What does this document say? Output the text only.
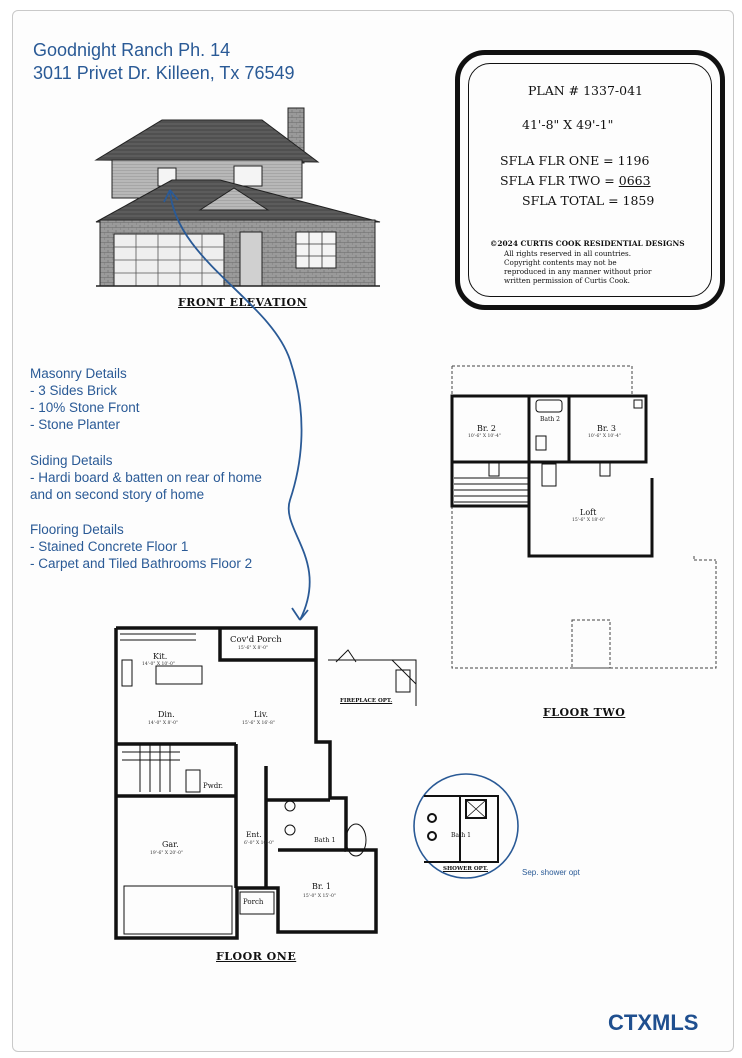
Goodnight Ranch Ph. 14
3011 Privet Dr. Killeen, Tx 76549
PLAN # 1337-041
41'-8" X 49'-1"
SFLA FLR ONE = 1196
SFLA FLR TWO = 0663
SFLA TOTAL = 1859
©2024 CURTIS COOK RESIDENTIAL DESIGNS
All rights reserved in all countries.
Copyright contents may not be
reproduced in any manner without prior
written permission of Curtis Cook.
FRONT ELEVATION
Masonry Details
- 3 Sides Brick
- 10% Stone Front
- Stone Planter
Siding Details
- Hardi board & batten on rear of home
and on second story of home
Flooring Details
- Stained Concrete Floor 1
- Carpet and Tiled Bathrooms Floor 2
Br. 2
10'-6" X 10'-4"
Bath 2
Br. 3
10'-6" X 10'-4"
Loft
15'-6" X 18'-0"
FLOOR TWO
Cov'd Porch
15'-6" X 8'-0"
Kit.
14'-0" X 10'-0"
Din.
14'-0" X 8'-0"
Liv.
15'-6" X 16'-8"
Pwdr.
Gar.
19'-6" X 20'-0"
Ent.
6'-0" X 10'-0"	Bath 1
Br. 1
15'-0" X 15'-0"
Porch
FIREPLACE OPT.
Bath 1
SHOWER OPT.	Sep. shower opt
FLOOR ONE
CTXMLS
